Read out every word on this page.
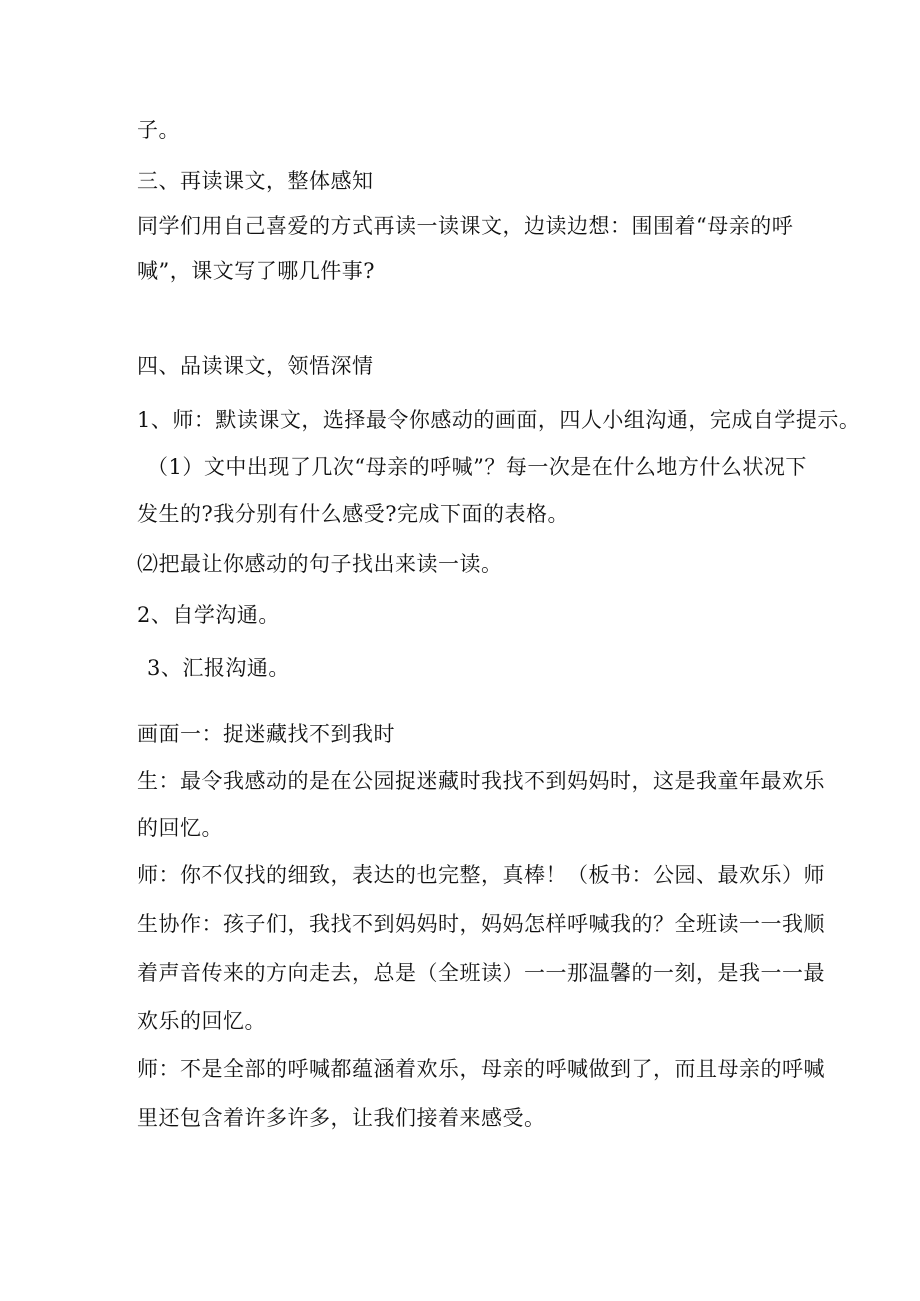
子。
三、再读课文，整体感知
同学们用自己喜爱的方式再读一读课文，边读边想：围围着“母亲的呼
喊”，课文写了哪几件事?
四、品读课文，领悟深情
1、师：默读课文，选择最令你感动的画面，四人小组沟通，完成自学提示。
（1）文中出现了几次“母亲的呼喊”？每一次是在什么地方什么状况下
发生的?我分别有什么感受?完成下面的表格。
⑵把最让你感动的句子找出来读一读。
2、自学沟通。
3、汇报沟通。
画面一：捉迷藏找不到我时
生：最令我感动的是在公园捉迷藏时我找不到妈妈时，这是我童年最欢乐
的回忆。
师：你不仅找的细致，表达的也完整，真棒！（板书：公园、最欢乐）师
生协作：孩子们，我找不到妈妈时，妈妈怎样呼喊我的？全班读一一我顺
着声音传来的方向走去，总是（全班读）一一那温馨的一刻，是我一一最
欢乐的回忆。
师：不是全部的呼喊都蕴涵着欢乐，母亲的呼喊做到了，而且母亲的呼喊
里还包含着许多许多，让我们接着来感受。
